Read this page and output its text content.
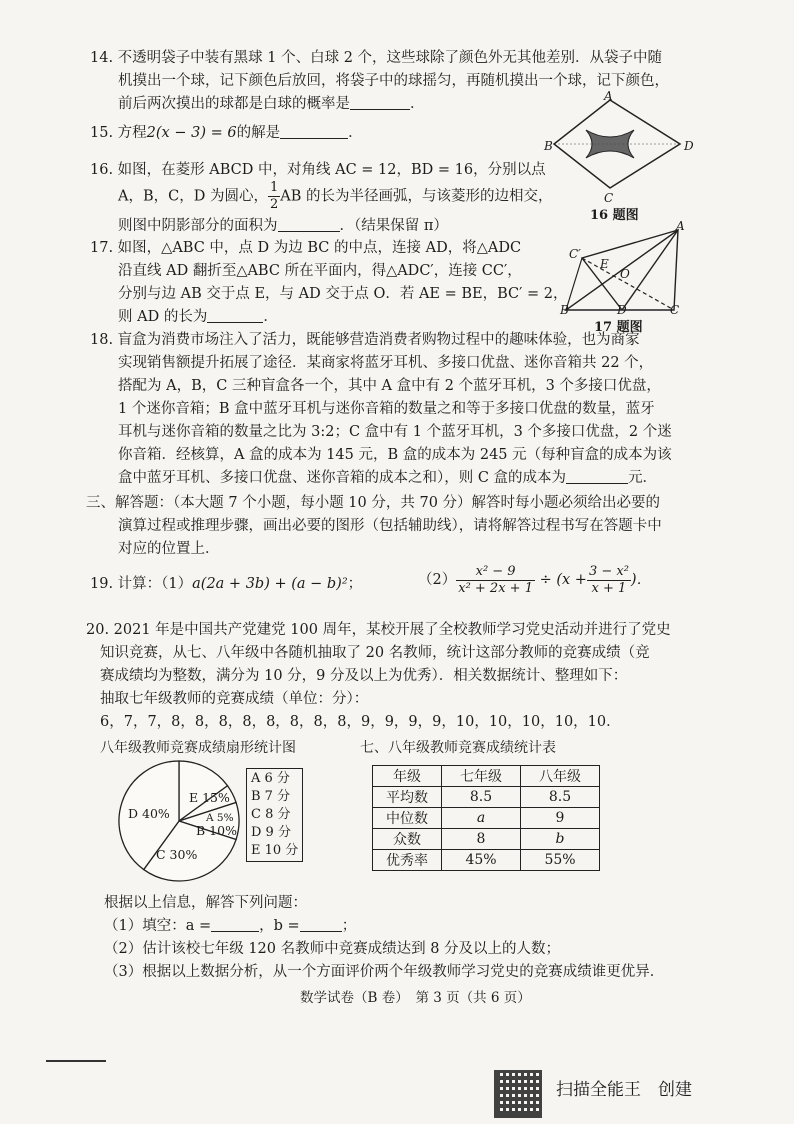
14. 不透明袋子中装有黑球 1 个、白球 2 个，这些球除了颜色外无其他差别．从袋子中随
机摸出一个球，记下颜色后放回，将袋子中的球摇匀，再随机摸出一个球，记下颜色，
前后两次摸出的球都是白球的概率是	．
15. 方程2(x − 3) = 6的解是	．
16. 如图，在菱形 ABCD 中，对角线 AC = 12，BD = 16，分别以点
A，B，C，D 为圆心， $\frac{1}{2}$ AB 的长为半径画弧，与该菱形的边相交，
则图中阴影部分的面积为	．（结果保留 π）
A
B
C
D
16 题图
17. 如图，△ABC 中，点 D 为边 BC 的中点，连接 AD，将△ADC
沿直线 AD 翻折至△ABC 所在平面内，得△ADC′，连接 CC′，
分别与边 AB 交于点 E，与 AD 交于点 O．若 AE = BE，BC′ = 2，
则 AD 的长为	．
A
C′
E
O
B	D	C
17 题图
18. 盲盒为消费市场注入了活力，既能够营造消费者购物过程中的趣味体验，也为商家
实现销售额提升拓展了途径．某商家将蓝牙耳机、多接口优盘、迷你音箱共 22 个，
搭配为 A，B，C 三种盲盒各一个，其中 A 盒中有 2 个蓝牙耳机，3 个多接口优盘，
1 个迷你音箱；B 盒中蓝牙耳机与迷你音箱的数量之和等于多接口优盘的数量，蓝牙
耳机与迷你音箱的数量之比为 3:2；C 盒中有 1 个蓝牙耳机，3 个多接口优盘，2 个迷
你音箱．经核算，A 盒的成本为 145 元，B 盒的成本为 245 元（每种盲盒的成本为该
盒中蓝牙耳机、多接口优盘、迷你音箱的成本之和），则 C 盒的成本为	元．
三、解答题：（本大题 7 个小题，每小题 10 分，共 70 分）解答时每小题必须给出必要的
演算过程或推理步骤，画出必要的图形（包括辅助线），请将解答过程书写在答题卡中
对应的位置上．
19. 计算：（1）a(2a + 3b) + (a − b)²；	$(2) \frac{\text{x² − 9}}{\text{x² + 2x + 1}} \div (x + \frac{\text{3 − x²}}{x + 1}$ )．
20. 2021 年是中国共产党建党 100 周年，某校开展了全校教师学习党史活动并进行了党史
知识竞赛，从七、八年级中各随机抽取了 20 名教师，统计这部分教师的竞赛成绩（竞
赛成绩均为整数，满分为 10 分，9 分及以上为优秀）．相关数据统计、整理如下：
抽取七年级教师的竞赛成绩（单位：分）：
6，7，7，8，8，8，8，8，8，8，8，9，9，9，9，10，10，10，10，10．
八年级教师竞赛成绩扇形统计图	七、八年级教师竞赛成绩统计表
D 40%
E 15%
A 5%
B 10%
C 30%
A 6 分
B 7 分
C 8 分
D 9 分
E 10 分
年级	七年级	八年级
平均数	8.5	8.5
中位数	a	9
众数	8	b
优秀率	45%	55%
根据以上信息，解答下列问题：
（1）填空：a =	，b =	；
（2）估计该校七年级 120 名教师中竞赛成绩达到 8 分及以上的人数；
（3）根据以上数据分析，从一个方面评价两个年级教师学习党史的竞赛成绩谁更优异．
数学试卷（B 卷）　第 3 页（共 6 页）
扫描全能王　创建
